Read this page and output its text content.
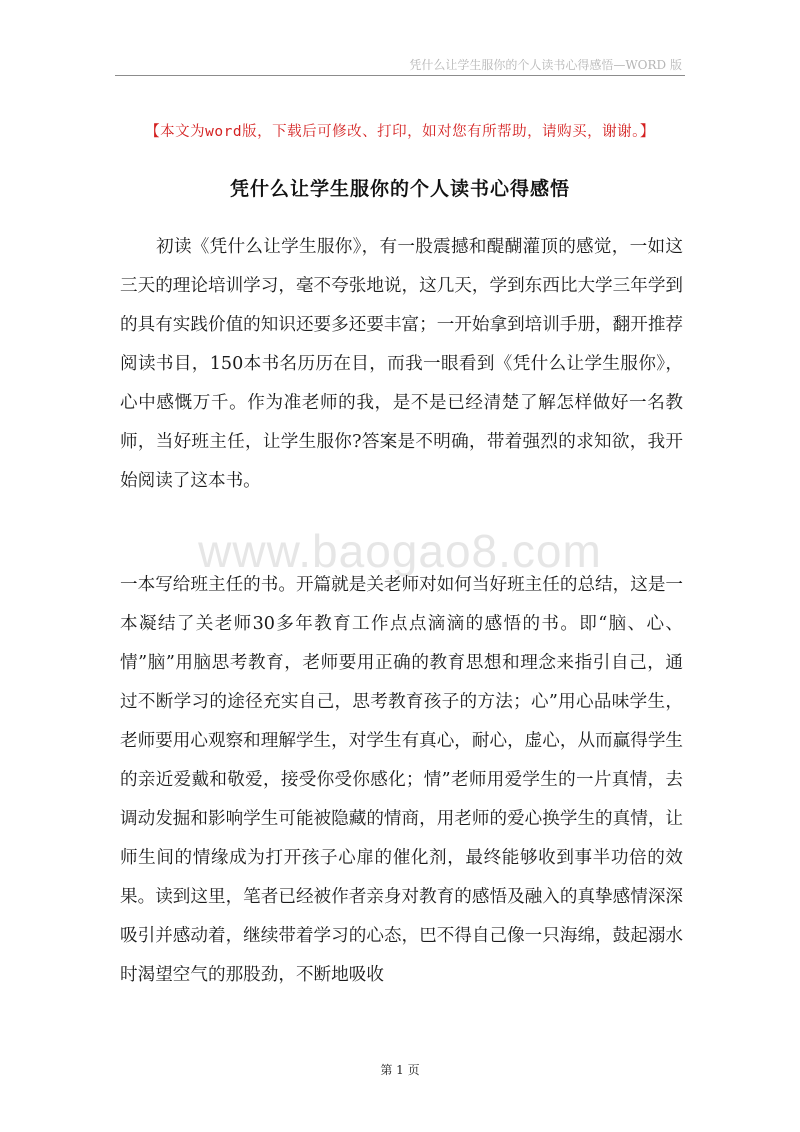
凭什么让学生服你的个人读书心得感悟—WORD 版
【本文为word版，下载后可修改、打印，如对您有所帮助，请购买，谢谢。】
凭什么让学生服你的个人读书心得感悟
初读《凭什么让学生服你》，有一股震撼和醍醐灌顶的感觉，一如这三天的理论培训学习，毫不夸张地说，这几天，学到东西比大学三年学到的具有实践价值的知识还要多还要丰富；一开始拿到培训手册，翻开推荐阅读书目，150本书名历历在目，而我一眼看到《凭什么让学生服你》，心中感慨万千。作为准老师的我，是不是已经清楚了解怎样做好一名教师，当好班主任，让学生服你?答案是不明确，带着强烈的求知欲，我开始阅读了这本书。
www.baogao8.com
一本写给班主任的书。开篇就是关老师对如何当好班主任的总结，这是一本凝结了关老师30多年教育工作点点滴滴的感悟的书。即“脑、心、情”脑”用脑思考教育，老师要用正确的教育思想和理念来指引自己，通过不断学习的途径充实自己，思考教育孩子的方法；心”用心品味学生，老师要用心观察和理解学生，对学生有真心，耐心，虚心，从而赢得学生的亲近爱戴和敬爱，接受你受你感化；情”老师用爱学生的一片真情，去调动发掘和影响学生可能被隐藏的情商，用老师的爱心换学生的真情，让师生间的情缘成为打开孩子心扉的催化剂，最终能够收到事半功倍的效果。读到这里，笔者已经被作者亲身对教育的感悟及融入的真挚感情深深吸引并感动着，继续带着学习的心态，巴不得自己像一只海绵，鼓起溺水时渴望空气的那股劲，不断地吸收
第 1 页
